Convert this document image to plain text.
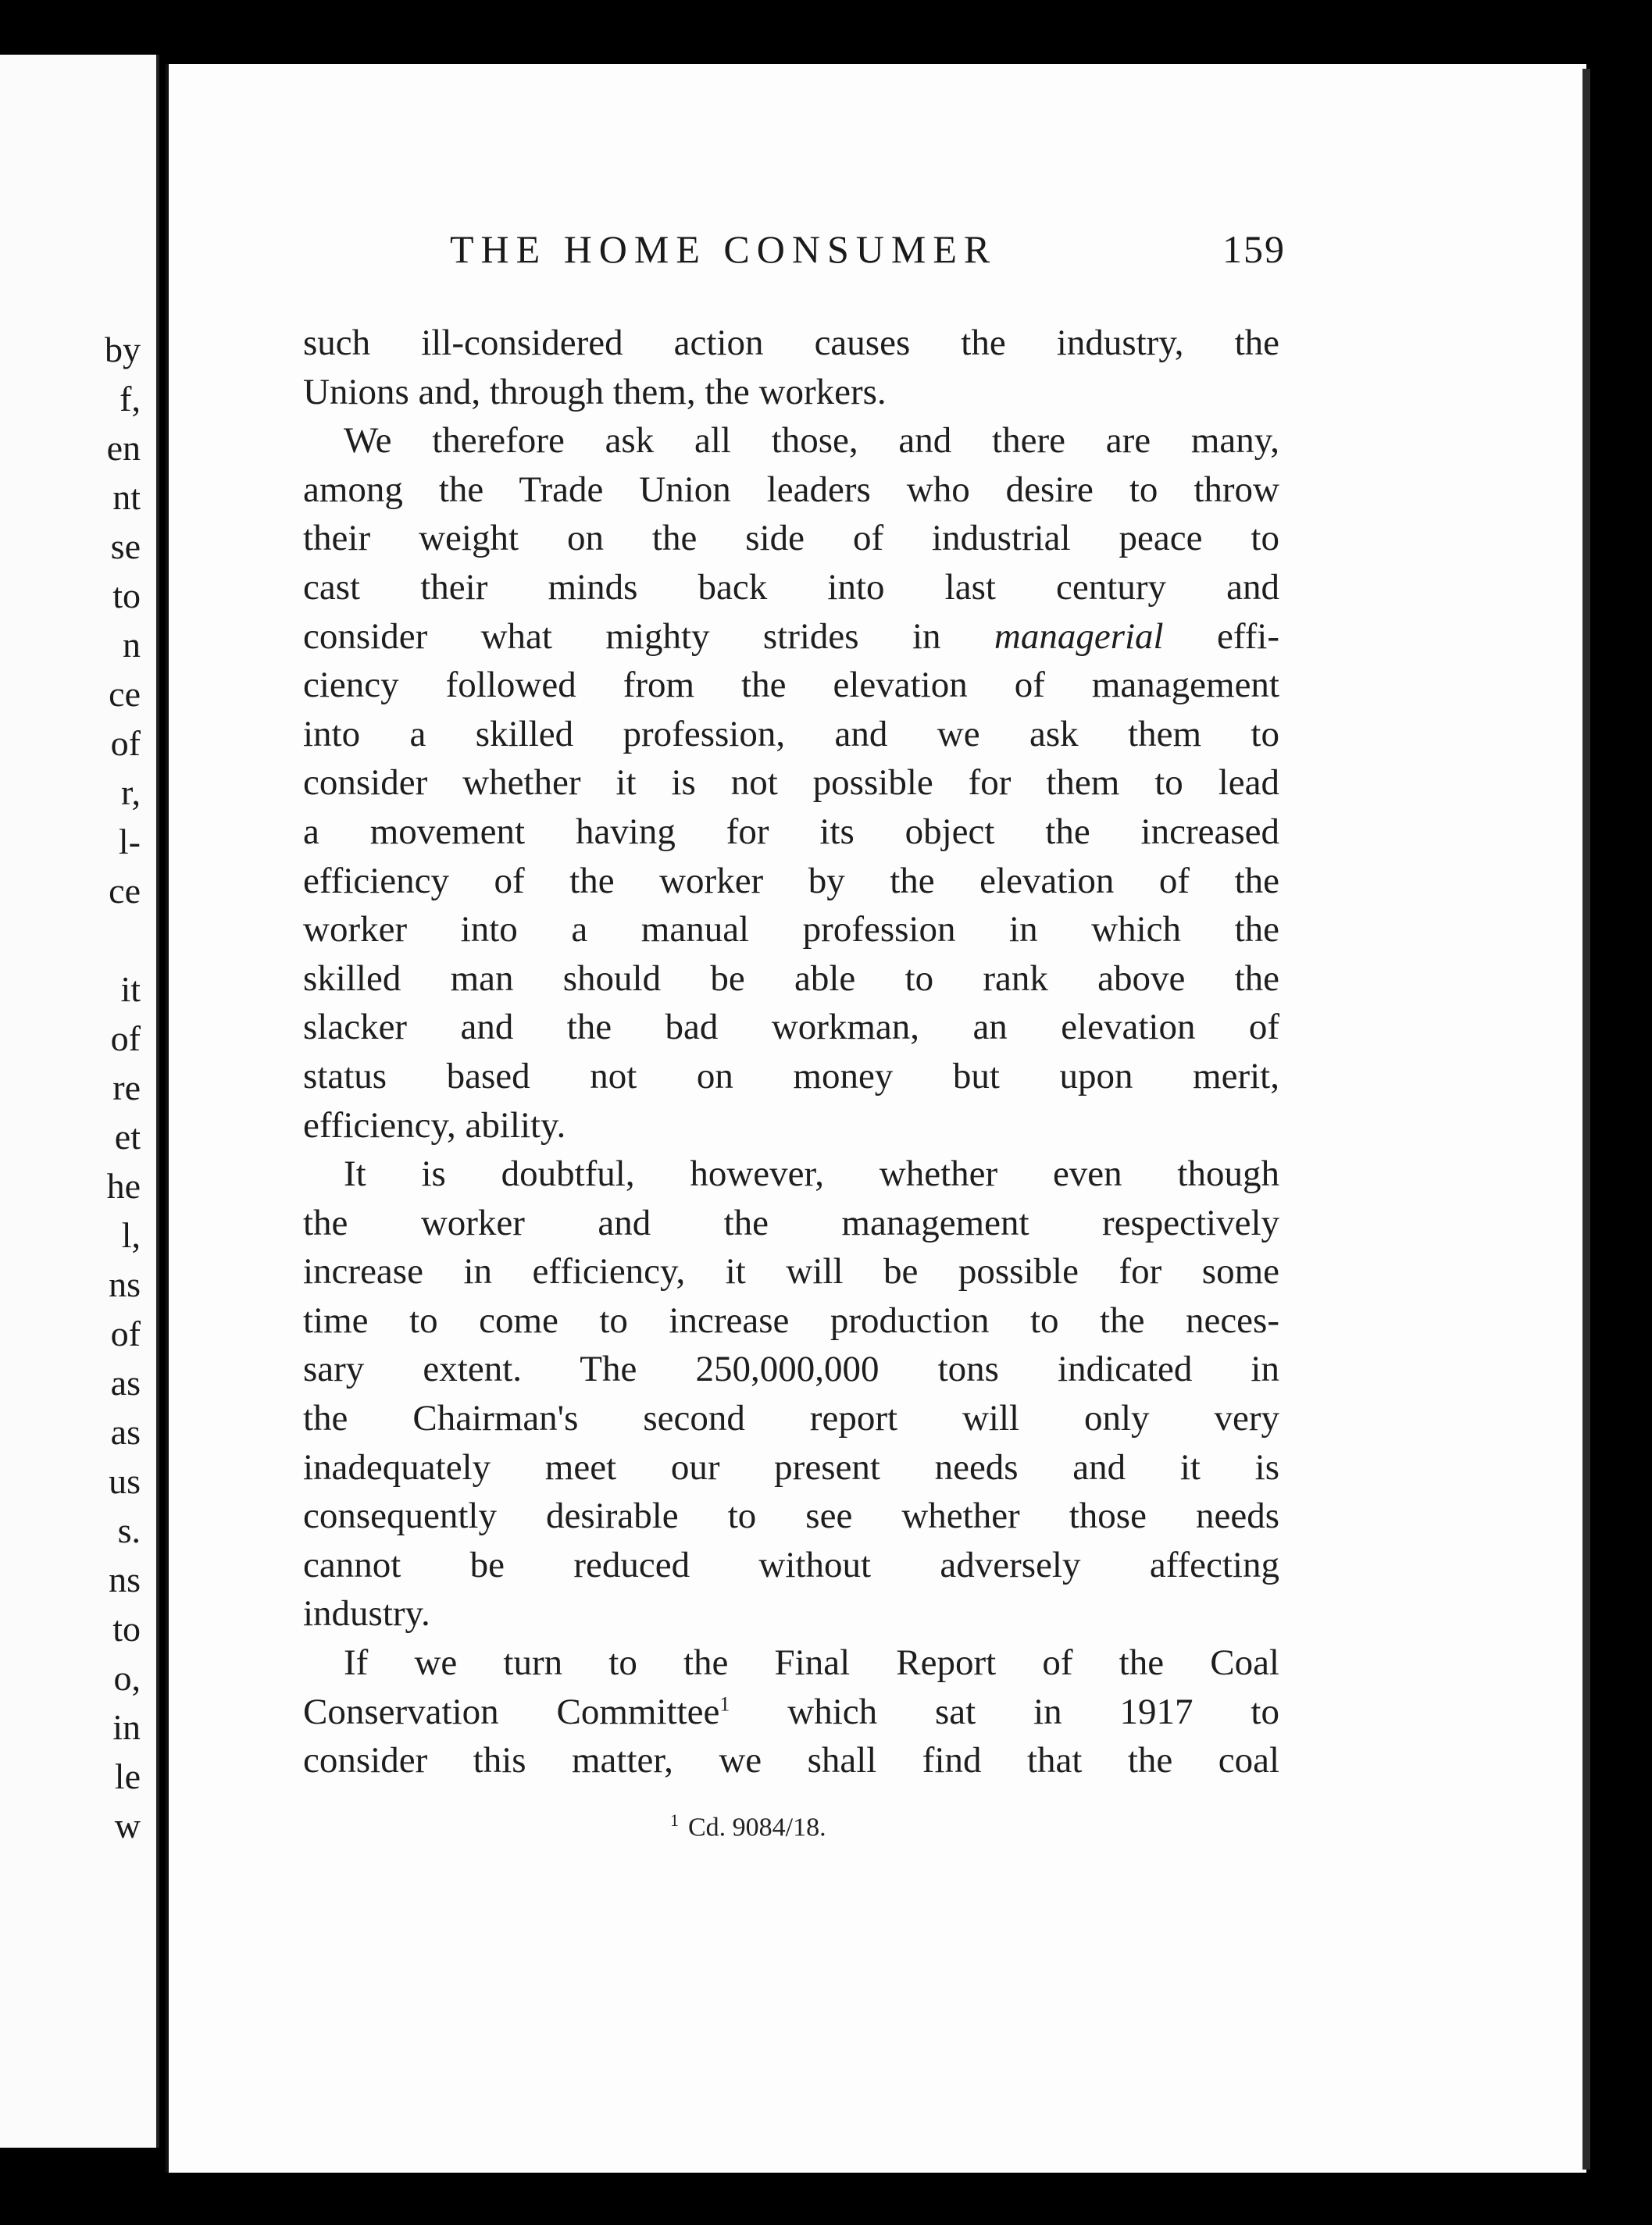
by
f,
en
nt
se
to
n
ce
of
r,
l-
ce
it
of
re
et
he
l,
ns
of
as
as
us
s.
ns
to
o,
in
le
w
THE HOME CONSUMER	159
such ill-considered action causes the industry, the
Unions and, through them, the workers.
We therefore ask all those, and there are many,
among the Trade Union leaders who desire to throw
their weight on the side of industrial peace to
cast their minds back into last century and
consider what mighty strides in managerial effi-
ciency followed from the elevation of management
into a skilled profession, and we ask them to
consider whether it is not possible for them to lead
a movement having for its object the increased
efficiency of the worker by the elevation of the
worker into a manual profession in which the
skilled man should be able to rank above the
slacker and the bad workman, an elevation of
status based not on money but upon merit,
efficiency, ability.
It is doubtful, however, whether even though
the worker and the management respectively
increase in efficiency, it will be possible for some
time to come to increase production to the neces-
sary extent. The 250,000,000 tons indicated in
the Chairman's second report will only very
inadequately meet our present needs and it is
consequently desirable to see whether those needs
cannot be reduced without adversely affecting
industry.
If we turn to the Final Report of the Coal
Conservation Committee$^1$ which sat in 1917 to
consider this matter, we shall find that the coal
$^1$ Cd. 9084/18.
